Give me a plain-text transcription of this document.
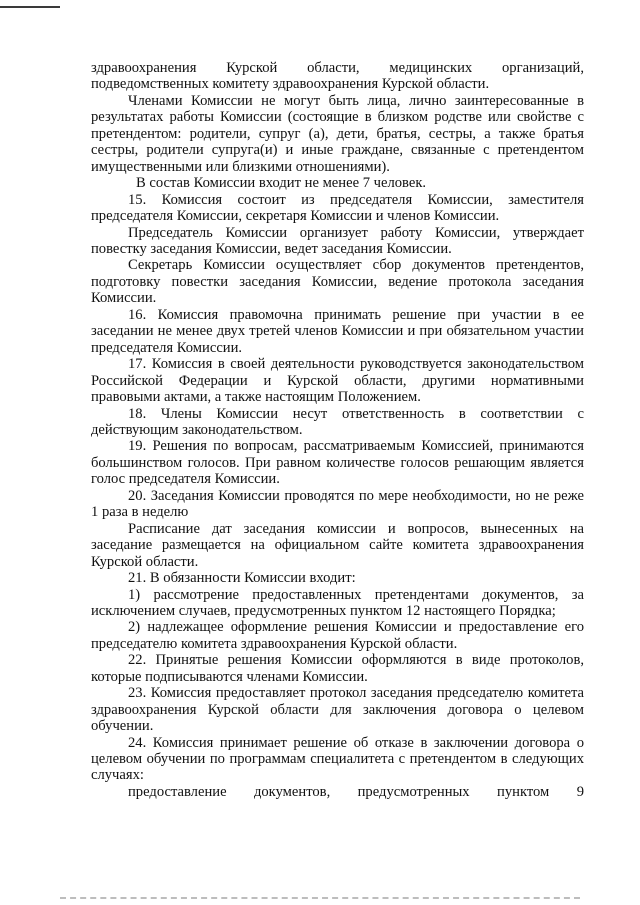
здравоохранения Курской области, медицинских организаций, подведомственных комитету здравоохранения Курской области.

Членами Комиссии не могут быть лица, лично заинтересованные в результатах работы Комиссии (состоящие в близком родстве или свойстве с претендентом: родители, супруг (а), дети, братья, сестры, а также братья сестры, родители супруга(и) и иные граждане, связанные с претендентом имущественными или близкими отношениями).

В состав Комиссии входит не менее 7 человек.

15. Комиссия состоит из председателя Комиссии, заместителя председателя Комиссии, секретаря Комиссии и членов Комиссии.

Председатель Комиссии организует работу Комиссии, утверждает повестку заседания Комиссии, ведет заседания Комиссии.

Секретарь Комиссии осуществляет сбор документов претендентов, подготовку повестки заседания Комиссии, ведение протокола заседания Комиссии.

16. Комиссия правомочна принимать решение при участии в ее заседании не менее двух третей членов Комиссии и при обязательном участии председателя Комиссии.

17. Комиссия в своей деятельности руководствуется законодательством Российской Федерации и Курской области, другими нормативными правовыми актами, а также настоящим Положением.

18. Члены Комиссии несут ответственность в соответствии с действующим законодательством.

19. Решения по вопросам, рассматриваемым Комиссией, принимаются большинством голосов. При равном количестве голосов решающим является голос председателя Комиссии.

20. Заседания Комиссии проводятся по мере необходимости, но не реже 1 раза в неделю

Расписание дат заседания комиссии и вопросов, вынесенных на заседание размещается на официальном сайте комитета здравоохранения Курской области.

21. В обязанности Комиссии входит:

1) рассмотрение предоставленных претендентами документов, за исключением случаев, предусмотренных пунктом 12 настоящего Порядка;

2) надлежащее оформление решения Комиссии и предоставление его председателю комитета здравоохранения Курской области.

22. Принятые решения Комиссии оформляются в виде протоколов, которые подписываются членами Комиссии.

23. Комиссия предоставляет протокол заседания председателю комитета здравоохранения Курской области для заключения договора о целевом обучении.

24. Комиссия принимает решение об отказе в заключении договора о целевом обучении по программам специалитета с претендентом в следующих случаях:

предоставление документов, предусмотренных пунктом 9
